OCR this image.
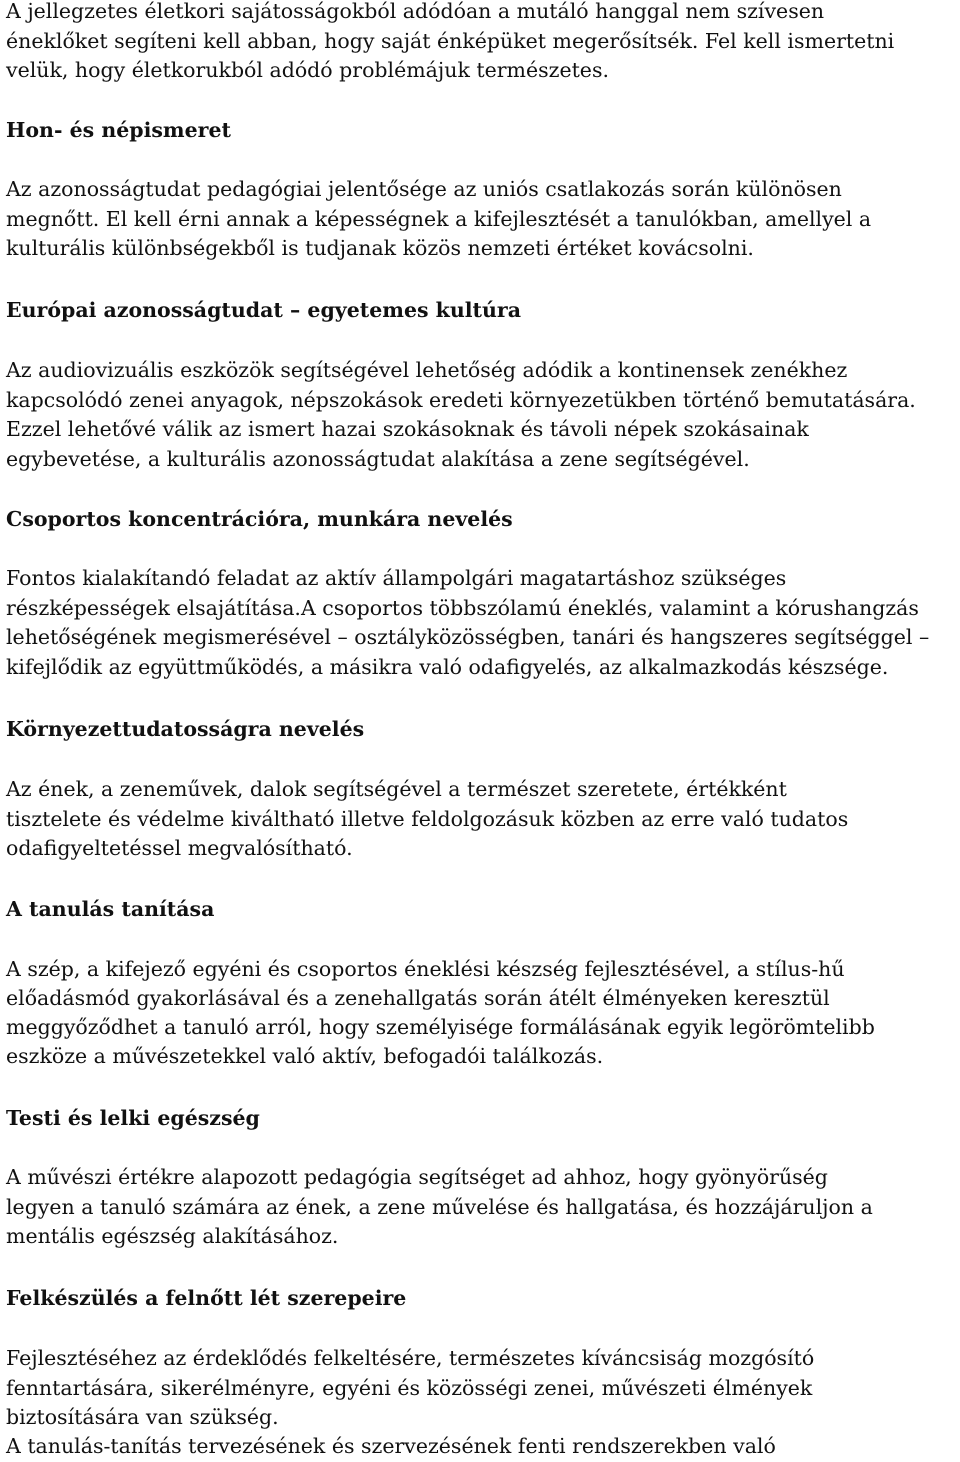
A jellegzetes életkori sajátosságokból adódóan a mutáló hanggal nem szívesen
éneklőket segíteni kell abban, hogy saját énképüket megerősítsék. Fel kell ismertetni
velük, hogy életkorukból adódó problémájuk természetes.

Hon- és népismeret

Az azonosságtudat pedagógiai jelentősége az uniós csatlakozás során különösen
megnőtt. El kell érni annak a képességnek a kifejlesztését a tanulókban, amellyel a
kulturális különbségekből is tudjanak közös nemzeti értéket kovácsolni.

Európai azonosságtudat – egyetemes kultúra

Az audiovizuális eszközök segítségével lehetőség adódik a kontinensek zenékhez
kapcsolódó zenei anyagok, népszokások eredeti környezetükben történő bemutatására.
Ezzel lehetővé válik az ismert hazai szokásoknak és távoli népek szokásainak
egybevetése, a kulturális azonosságtudat alakítása a zene segítségével.

Csoportos koncentrációra, munkára nevelés

Fontos kialakítandó feladat az aktív állampolgári magatartáshoz szükséges
részképességek elsajátítása.A csoportos többszólamú éneklés, valamint a kórushangzás
lehetőségének megismerésével – osztályközösségben, tanári és hangszeres segítséggel –
kifejlődik az együttműködés, a másikra való odafigyelés, az alkalmazkodás készsége.

Környezettudatosságra nevelés

Az ének, a zeneművek, dalok segítségével a természet szeretete, értékként
tisztelete és védelme kiváltható illetve feldolgozásuk közben az erre való tudatos
odafigyeltetéssel megvalósítható.

A tanulás tanítása

A szép, a kifejező egyéni és csoportos éneklési készség fejlesztésével, a stílus-hű
előadásmód gyakorlásával és a zenehallgatás során átélt élményeken keresztül
meggyőződhet a tanuló arról, hogy személyisége formálásának egyik legörömtelibb
eszköze a művészetekkel való aktív, befogadói találkozás.

Testi és lelki egészség

A művészi értékre alapozott pedagógia segítséget ad ahhoz, hogy gyönyörűség
legyen a tanuló számára az ének, a zene művelése és hallgatása, és hozzájáruljon a
mentális egészség alakításához.

Felkészülés a felnőtt lét szerepeire

Fejlesztéséhez az érdeklődés felkeltésére, természetes kíváncsiság mozgósító
fenntartására, sikerélményre, egyéni és közösségi zenei, művészeti élmények
biztosítására van szükség.

A tanulás-tanítás tervezésének és szervezésének fenti rendszerekben való
